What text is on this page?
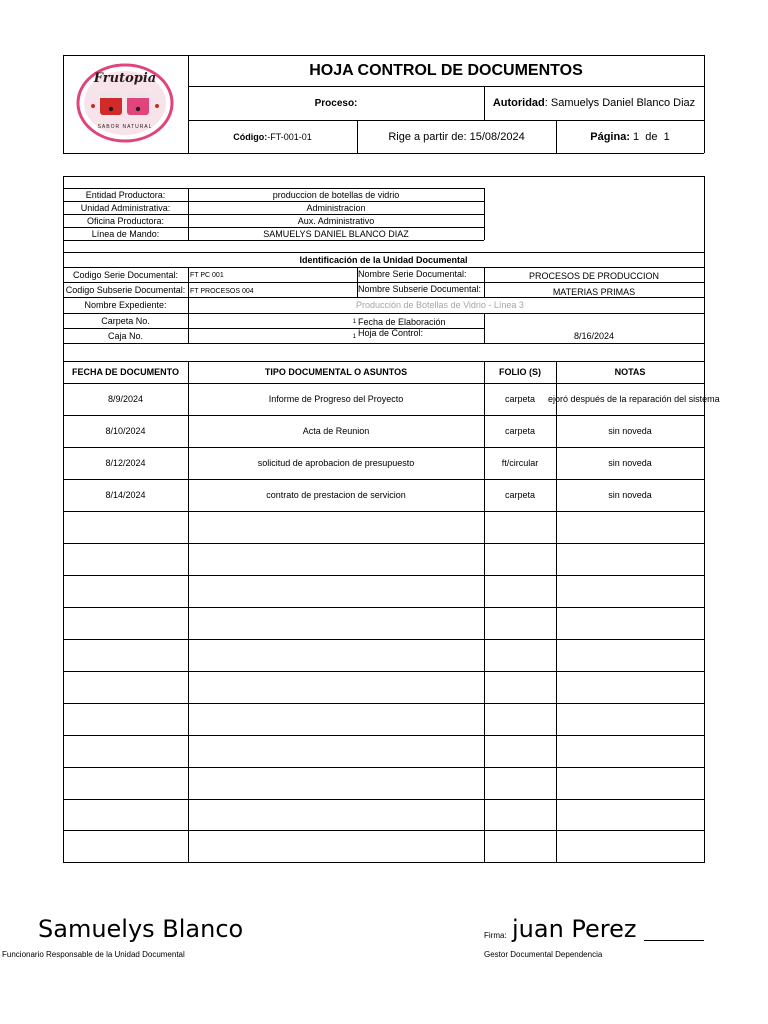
Frutopia
SABOR NATURAL
HOJA CONTROL DE DOCUMENTOS
Proceso:	Autoridad : Samuelys Daniel Blanco Diaz
Código: -FT-001-01	Rige a partir de: 15/08/2024	Página:
1  de  1
Entidad Productora:	produccion de botellas de vidrio
Unidad Administrativa:	Administracion
Oficina Productora:	Aux. Administrativo
Línea de Mando:	SAMUELYS DANIEL BLANCO DIAZ
Identificación de la Unidad Documental
Codigo Serie Documental:	FT PC 001	Nombre Serie Documental:	PROCESOS DE PRODUCCION
Codigo Subserie Documental: FT PROCESOS 004	Nombre Subserie Documental:	MATERIAS PRIMAS
Nombre Expediente:	Producción de Botellas de Vidrio - Línea 3
Carpeta No.	1 Fecha de Elaboración
Caja No.	1 Hoja de Control:	8/16/2024
FECHA DE DOCUMENTO	TIPO DOCUMENTAL O ASUNTOS	FOLIO (S)	NOTAS
8/9/2024	Informe de Progreso del Proyecto	carpeta	ejoró después de la reparación del sistema
8/10/2024	Acta de Reunion	carpeta	sin noveda
8/12/2024	solicitud de aprobacion de presupuesto	ft/circular	sin noveda
8/14/2024	contrato de prestacion de servicion	carpeta	sin noveda
Samuelys Blanco
Funcionario Responsable de la Unidad Documental
Firma: juan Perez
Gestor Documental Dependencia
